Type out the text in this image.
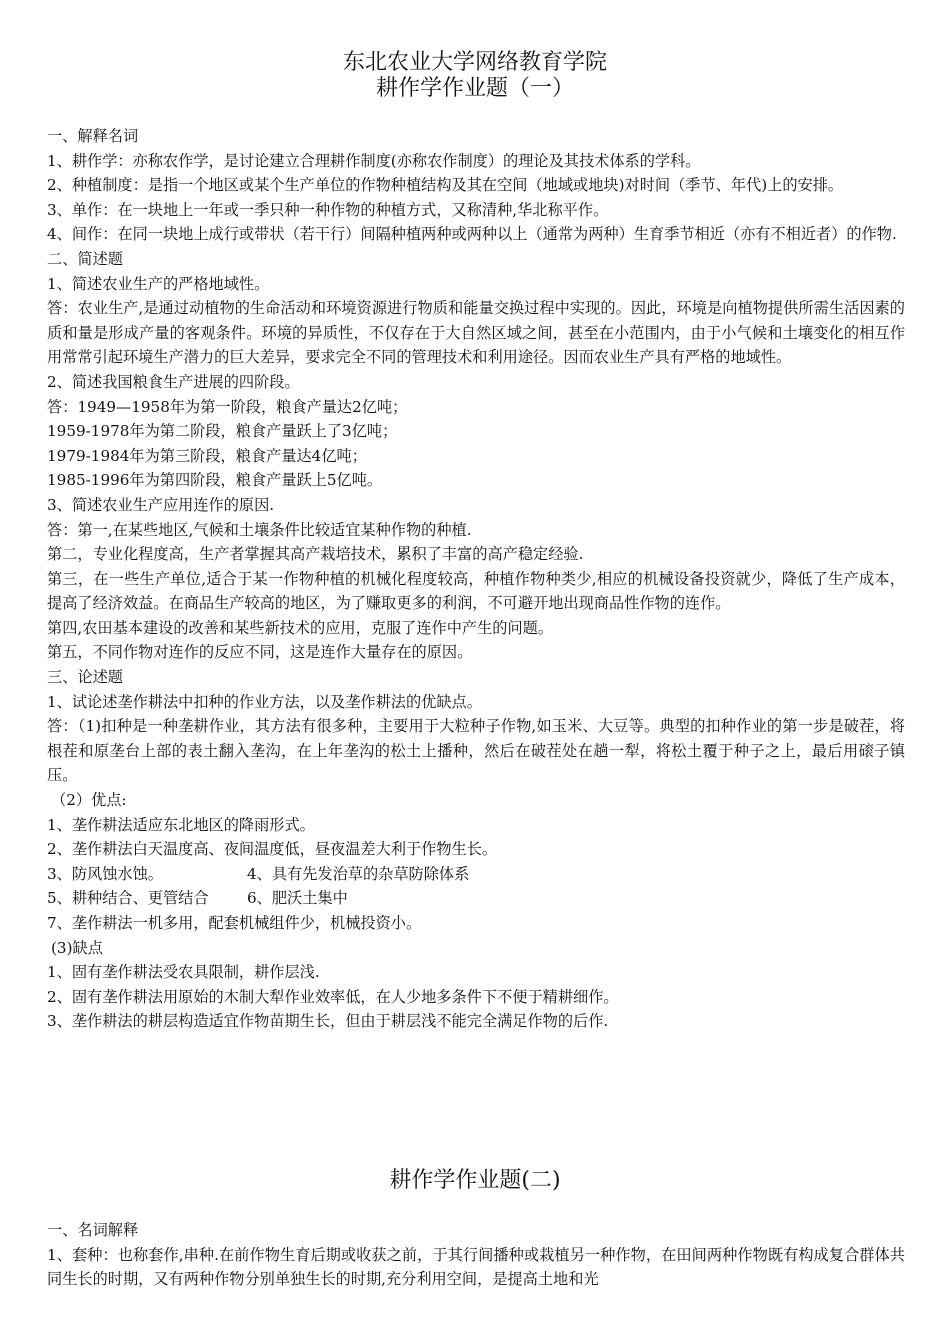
东北农业大学网络教育学院
耕作学作业题（一）

一、解释名词

1、耕作学：亦称农作学，是讨论建立合理耕作制度(亦称农作制度）的理论及其技术体系的学科。

2、种植制度：是指一个地区或某个生产单位的作物种植结构及其在空间（地域或地块)对时间（季节、年代)上的安排。

3、单作：在一块地上一年或一季只种一种作物的种植方式，又称清种,华北称平作。

4、间作：在同一块地上成行或带状（若干行）间隔种植两种或两种以上（通常为两种）生育季节相近（亦有不相近者）的作物.

二、简述题

1、简述农业生产的严格地域性。

答：农业生产,是通过动植物的生命活动和环境资源进行物质和能量交换过程中实现的。因此，环境是向植物提供所需生活因素的质和量是形成产量的客观条件。环境的异质性，不仅存在于大自然区域之间，甚至在小范围内，由于小气候和土壤变化的相互作用常常引起环境生产潜力的巨大差异，要求完全不同的管理技术和利用途径。因而农业生产具有严格的地域性。

2、简述我国粮食生产进展的四阶段。

答：1949—1958年为第一阶段，粮食产量达2亿吨；

1959-1978年为第二阶段，粮食产量跃上了3亿吨；

1979-1984年为第三阶段，粮食产量达4亿吨；

1985-1996年为第四阶段，粮食产量跃上5亿吨。

3、简述农业生产应用连作的原因.

答：第一,在某些地区,气候和土壤条件比较适宜某种作物的种植.

第二，专业化程度高，生产者掌握其高产栽培技术，累积了丰富的高产稳定经验.

第三，在一些生产单位,适合于某一作物种植的机械化程度较高，种植作物种类少,相应的机械设备投资就少，降低了生产成本，提高了经济效益。在商品生产较高的地区，为了赚取更多的利润，不可避开地出现商品性作物的连作。

第四,农田基本建设的改善和某些新技术的应用，克服了连作中产生的问题。

第五，不同作物对连作的反应不同，这是连作大量存在的原因。

三、论述题

1、试论述垄作耕法中扣种的作业方法，以及垄作耕法的优缺点。

答：（1)扣种是一种垄耕作业，其方法有很多种，主要用于大粒种子作物,如玉米、大豆等。典型的扣种作业的第一步是破茬，将根茬和原垄台上部的表土翻入垄沟，在上年垄沟的松土上播种，然后在破茬处在趟一犁，将松土覆于种子之上，最后用磙子镇压。

（2）优点:

1、垄作耕法适应东北地区的降雨形式。

2、垄作耕法白天温度高、夜间温度低，昼夜温差大利于作物生长。

3、防风蚀水蚀。	4、具有先发治草的杂草防除体系

5、耕种结合、更管结合	6、肥沃土集中

7、垄作耕法一机多用，配套机械组件少，机械投资小。

(3)缺点

1、固有垄作耕法受农具限制，耕作层浅.

2、固有垄作耕法用原始的木制大犁作业效率低，在人少地多条件下不便于精耕细作。

3、垄作耕法的耕层构造适宜作物苗期生长，但由于耕层浅不能完全满足作物的后作.

耕作学作业题(二)

一、名词解释

1、套种：也称套作,串种.在前作物生育后期或收获之前，于其行间播种或栽植另一种作物，在田间两种作物既有构成复合群体共同生长的时期，又有两种作物分别单独生长的时期,充分利用空间，是提高土地和光
